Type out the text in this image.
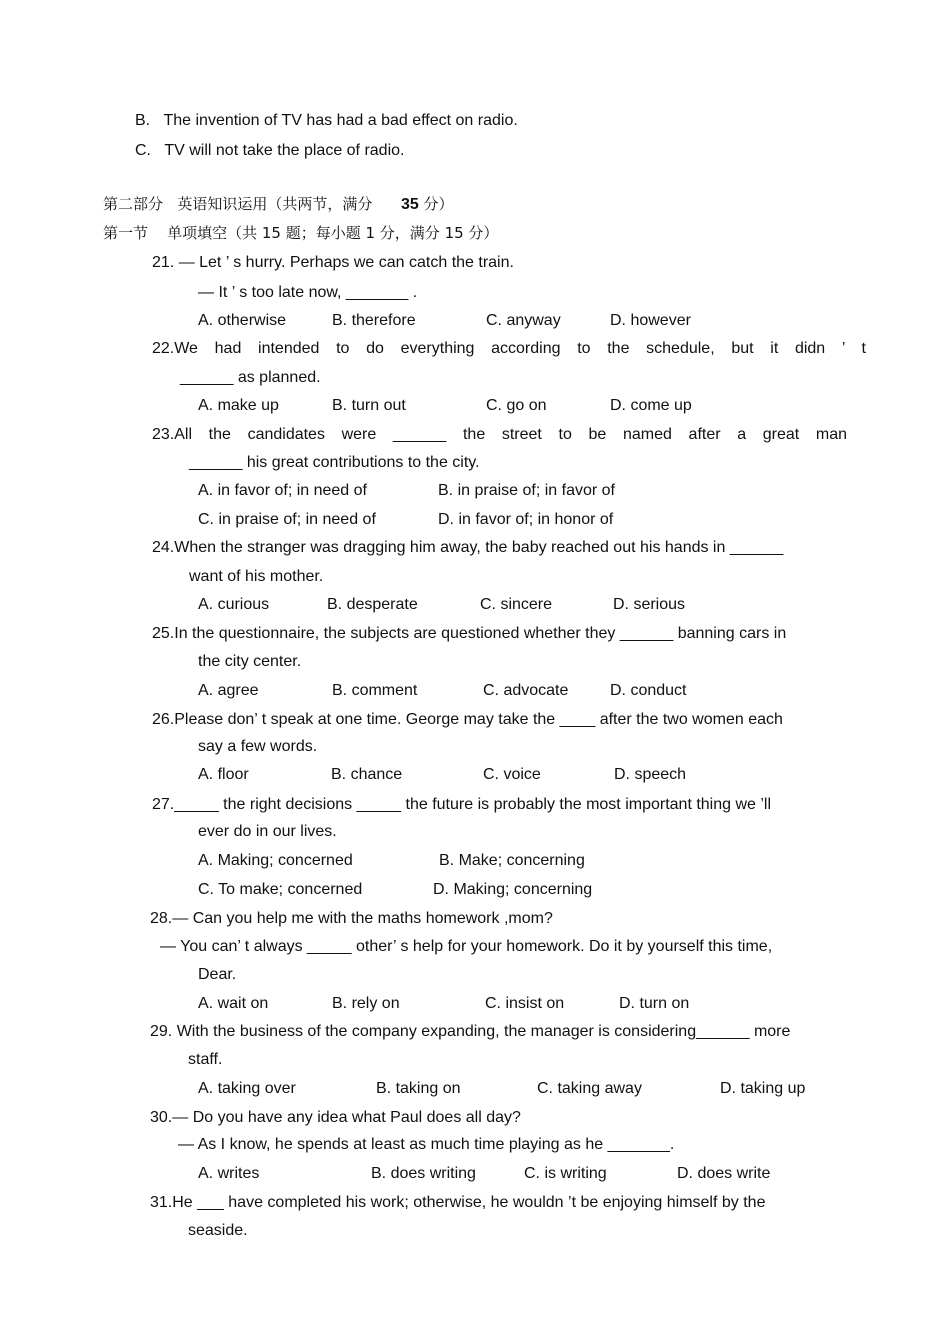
B. The invention of TV has had a bad effect on radio.
C. TV will not take the place of radio.
第二部分 英语知识运用（共两节，满分 35 分）
第一节 单项填空（共 15 题；每小题 1 分，满分 15 分）
21. — Let ’ s hurry. Perhaps we can catch the train.
— It ’ s too late now, _______ .
A. otherwise	B. therefore	C. anyway	D. however
22.We had intended to do everything according to the schedule, but it didn ’ t
______ as planned.
A. make up	B. turn out	C. go on	D. come up
23.All the candidates were ______ the street to be named after a great man
______ his great contributions to the city.
A. in favor of; in need of	B. in praise of; in favor of
C. in praise of; in need of	D. in favor of; in honor of
24.When the stranger was dragging him away, the baby reached out his hands in ______
want of his mother.
A. curious	B. desperate	C. sincere	D. serious
25.In the questionnaire, the subjects are questioned whether they ______ banning cars in
the city center.
A. agree	B. comment	C. advocate	D. conduct
26.Please don’ t speak at one time. George may take the ____ after the two women each
say a few words.
A. floor	B. chance	C. voice	D. speech
27._____ the right decisions _____ the future is probably the most important thing we ’ll
ever do in our lives.
A. Making; concerned	B. Make; concerning
C. To make; concerned	D. Making; concerning
28.— Can you help me with the maths homework ,mom?
— You can’ t always _____ other’ s help for your homework. Do it by yourself this time,
Dear.
A. wait on	B. rely on	C. insist on	D. turn on
29. With the business of the company expanding, the manager is considering______ more
staff.
A. taking over	B. taking on	C. taking away	D. taking up
30.— Do you have any idea what Paul does all day?
— As I know, he spends at least as much time playing as he _______.
A. writes	B. does writing	C. is writing	D. does write
31.He ___ have completed his work; otherwise, he wouldn ’t be enjoying himself by the
seaside.
